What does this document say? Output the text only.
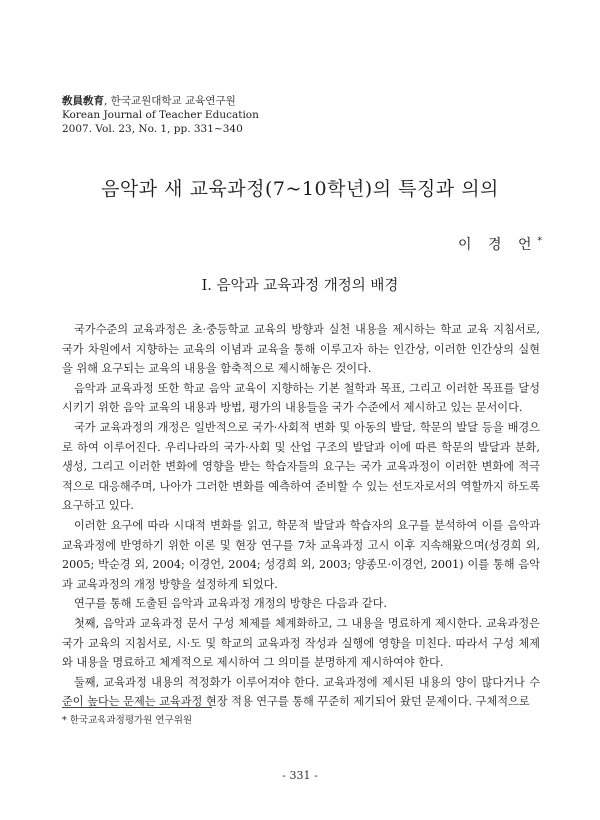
敎員敎育, 한국교원대학교 교육연구원
Korean Journal of Teacher Education
2007. Vol. 23, No. 1, pp. 331~340
음악과 새 교육과정(7~10학년)의 특징과 의의
이 경 언*
Ⅰ. 음악과 교육과정 개정의 배경

국가수준의 교육과정은 초·중등학교 교육의 방향과 실천 내용을 제시하는 학교 교육 지침서로, 국가 차원에서 지향하는 교육의 이념과 교육을 통해 이루고자 하는 인간상, 이러한 인간상의 실현을 위해 요구되는 교육의 내용을 함축적으로 제시해놓은 것이다.

음악과 교육과정 또한 학교 음악 교육이 지향하는 기본 철학과 목표, 그리고 이러한 목표를 달성시키기 위한 음악 교육의 내용과 방법, 평가의 내용들을 국가 수준에서 제시하고 있는 문서이다.

국가 교육과정의 개정은 일반적으로 국가·사회적 변화 및 아동의 발달, 학문의 발달 등을 배경으로 하여 이루어진다. 우리나라의 국가·사회 및 산업 구조의 발달과 이에 따른 학문의 발달과 분화, 생성, 그리고 이러한 변화에 영향을 받는 학습자들의 요구는 국가 교육과정이 이러한 변화에 적극적으로 대응해주며, 나아가 그러한 변화를 예측하여 준비할 수 있는 선도자로서의 역할까지 하도록 요구하고 있다.

이러한 요구에 따라 시대적 변화를 읽고, 학문적 발달과 학습자의 요구를 분석하여 이를 음악과 교육과정에 반영하기 위한 이론 및 현장 연구를 7차 교육과정 고시 이후 지속해왔으며(성경희 외, 2005; 박순경 외, 2004; 이경언, 2004; 성경희 외, 2003; 양종모·이경언, 2001) 이를 통해 음악과 교육과정의 개정 방향을 설정하게 되었다.

연구를 통해 도출된 음악과 교육과정 개정의 방향은 다음과 같다.

첫째, 음악과 교육과정 문서 구성 체제를 체계화하고, 그 내용을 명료하게 제시한다. 교육과정은 국가 교육의 지침서로, 시·도 및 학교의 교육과정 작성과 실행에 영향을 미친다. 따라서 구성 체제와 내용을 명료하고 체계적으로 제시하여 그 의미를 분명하게 제시하여야 한다.

둘째, 교육과정 내용의 적정화가 이루어져야 한다. 교육과정에 제시된 내용의 양이 많다거나 수준이 높다는 문제는 교육과정 현장 적용 연구를 통해 꾸준히 제기되어 왔던 문제이다. 구체적으로

* 한국교육과정평가원 연구위원
- 331 -
